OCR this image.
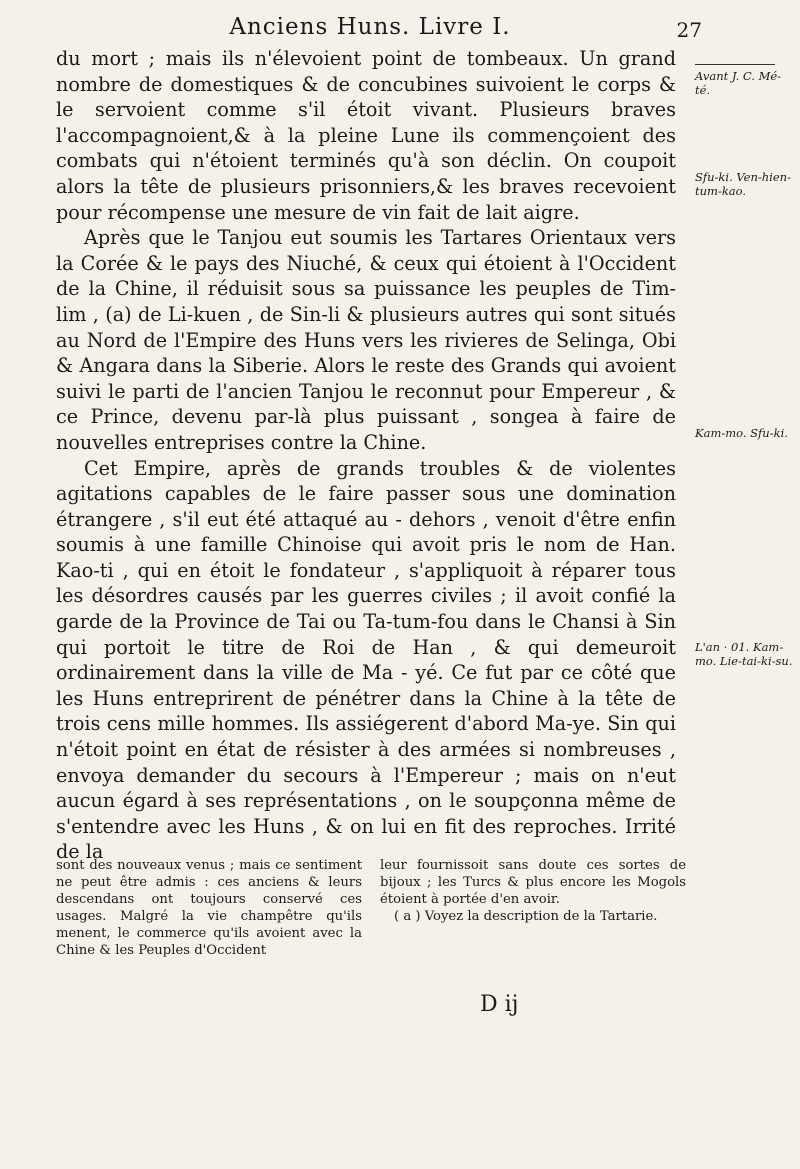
Anciens Huns. Livre I.	27

du mort ; mais ils n'élevoient point de tombeaux. Un grand nombre de domestiques & de concubines suivoient le corps & le servoient comme s'il étoit vivant. Plusieurs braves l'accompagnoient,& à la pleine Lune ils commençoient des combats qui n'étoient terminés qu'à son déclin. On coupoit alors la tête de plusieurs prisonniers,& les braves recevoient pour récompense une mesure de vin fait de lait aigre.

Après que le Tanjou eut soumis les Tartares Orientaux vers la Corée & le pays des Niuché, & ceux qui étoient à l'Occident de la Chine, il réduisit sous sa puissance les peuples de Tim-lim , (a) de Li-kuen , de Sin-li & plusieurs autres qui sont situés au Nord de l'Empire des Huns vers les rivieres de Selinga, Obi & Angara dans la Siberie. Alors le reste des Grands qui avoient suivi le parti de l'ancien Tanjou le reconnut pour Empereur , & ce Prince, devenu par-là plus puissant , songea à faire de nouvelles entreprises contre la Chine.

Cet Empire, après de grands troubles & de violentes agitations capables de le faire passer sous une domination étrangere , s'il eut été attaqué au - dehors , venoit d'être enfin soumis à une famille Chinoise qui avoit pris le nom de Han. Kao-ti , qui en étoit le fondateur , s'appliquoit à réparer tous les désordres causés par les guerres civiles ; il avoit confié la garde de la Province de Tai ou Ta-tum-fou dans le Chansi à Sin qui portoit le titre de Roi de Han , & qui demeuroit ordinairement dans la ville de Ma - yé. Ce fut par ce côté que les Huns entreprirent de pénétrer dans la Chine à la tête de trois cens mille hommes. Ils assiégerent d'abord Ma-ye. Sin qui n'étoit point en état de résister à des armées si nombreuses , envoya demander du secours à l'Empereur ; mais on n'eut aucun égard à ses représentations , on le soupçonna même de s'entendre avec les Huns , & on lui en fit des reproches. Irrité de la

Avant J. C. Mé-té.
Sfu-ki. Ven-hien-tum-kao.
Kam-mo. Sfu-ki.
L'an · 01. Kam-mo. Lie-tai-ki-su.

sont des nouveaux venus ; mais ce sentiment ne peut être admis : ces anciens & leurs descendans ont toujours conservé ces usages. Malgré la vie champêtre qu'ils menent, le commerce qu'ils avoient avec la Chine & les Peuples d'Occident

leur fournissoit sans doute ces sortes de bijoux ; les Turcs & plus encore les Mogols étoient à portée d'en avoir.

( a ) Voyez la description de la Tartarie.

D ij
